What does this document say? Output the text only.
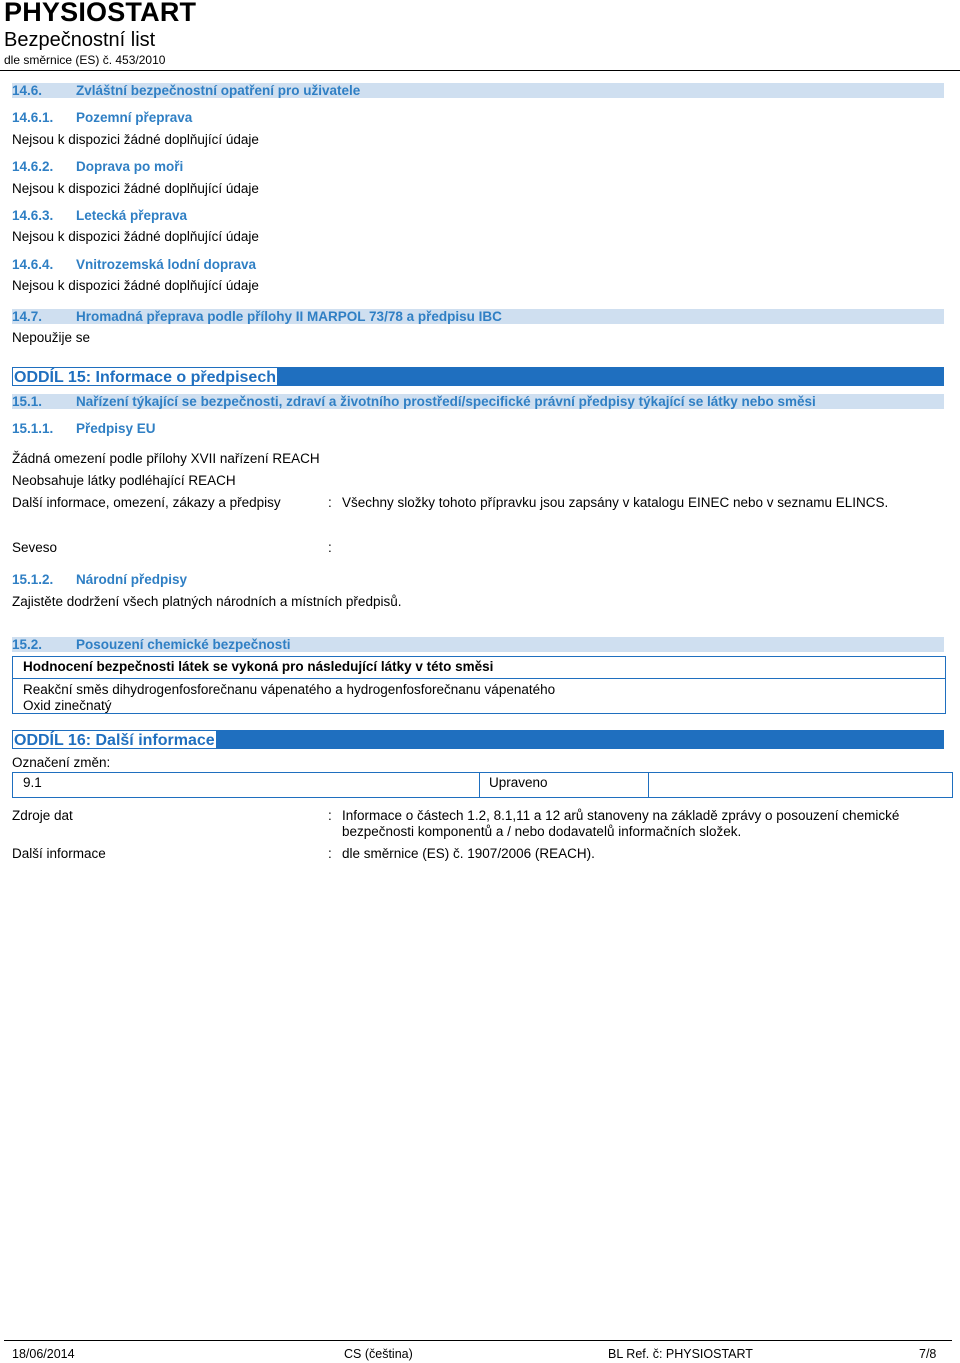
PHYSIOSTART
Bezpečnostní list
dle směrnice (ES) č. 453/2010
14.6.	Zvláštní bezpečnostní opatření pro uživatele
14.6.1. Pozemní přeprava
Nejsou k dispozici žádné doplňující údaje
14.6.2. Doprava po moři
Nejsou k dispozici žádné doplňující údaje
14.6.3. Letecká přeprava
Nejsou k dispozici žádné doplňující údaje
14.6.4. Vnitrozemská lodní doprava
Nejsou k dispozici žádné doplňující údaje
14.7.	Hromadná přeprava podle přílohy II MARPOL 73/78 a předpisu IBC
Nepoužije se
ODDÍL 15: Informace o předpisech
15.1.	Nařízení týkající se bezpečnosti, zdraví a životního prostředí/specifické právní předpisy týkající se látky nebo směsi
15.1.1. Předpisy EU
Žádná omezení podle přílohy XVII nařízení REACH
Neobsahuje látky podléhající REACH
Další informace, omezení, zákazy a předpisy	: Všechny složky tohoto přípravku jsou zapsány v katalogu EINEC nebo v seznamu ELINCS.
Seveso	:
15.1.2. Národní předpisy
Zajistěte dodržení všech platných národních a místních předpisů.
15.2.	Posouzení chemické bezpečnosti
Hodnocení bezpečnosti látek se vykoná pro následující látky v této směsi
Reakční směs dihydrogenfosforečnanu vápenatého a hydrogenfosforečnanu vápenatého
Oxid zinečnatý
ODDÍL 16: Další informace
Označení změn:
9.1	Upraveno
Zdroje dat	: Informace o částech 1.2, 8.1,11 a 12 arů stanoveny na základě zprávy o posouzení chemické
bezpečnosti komponentů a / nebo dodavatelů informačních složek.
Další informace	: dle směrnice (ES) č. 1907/2006 (REACH).
18/06/2014	CS (čeština)	BL Ref. č: PHYSIOSTART	7/8
